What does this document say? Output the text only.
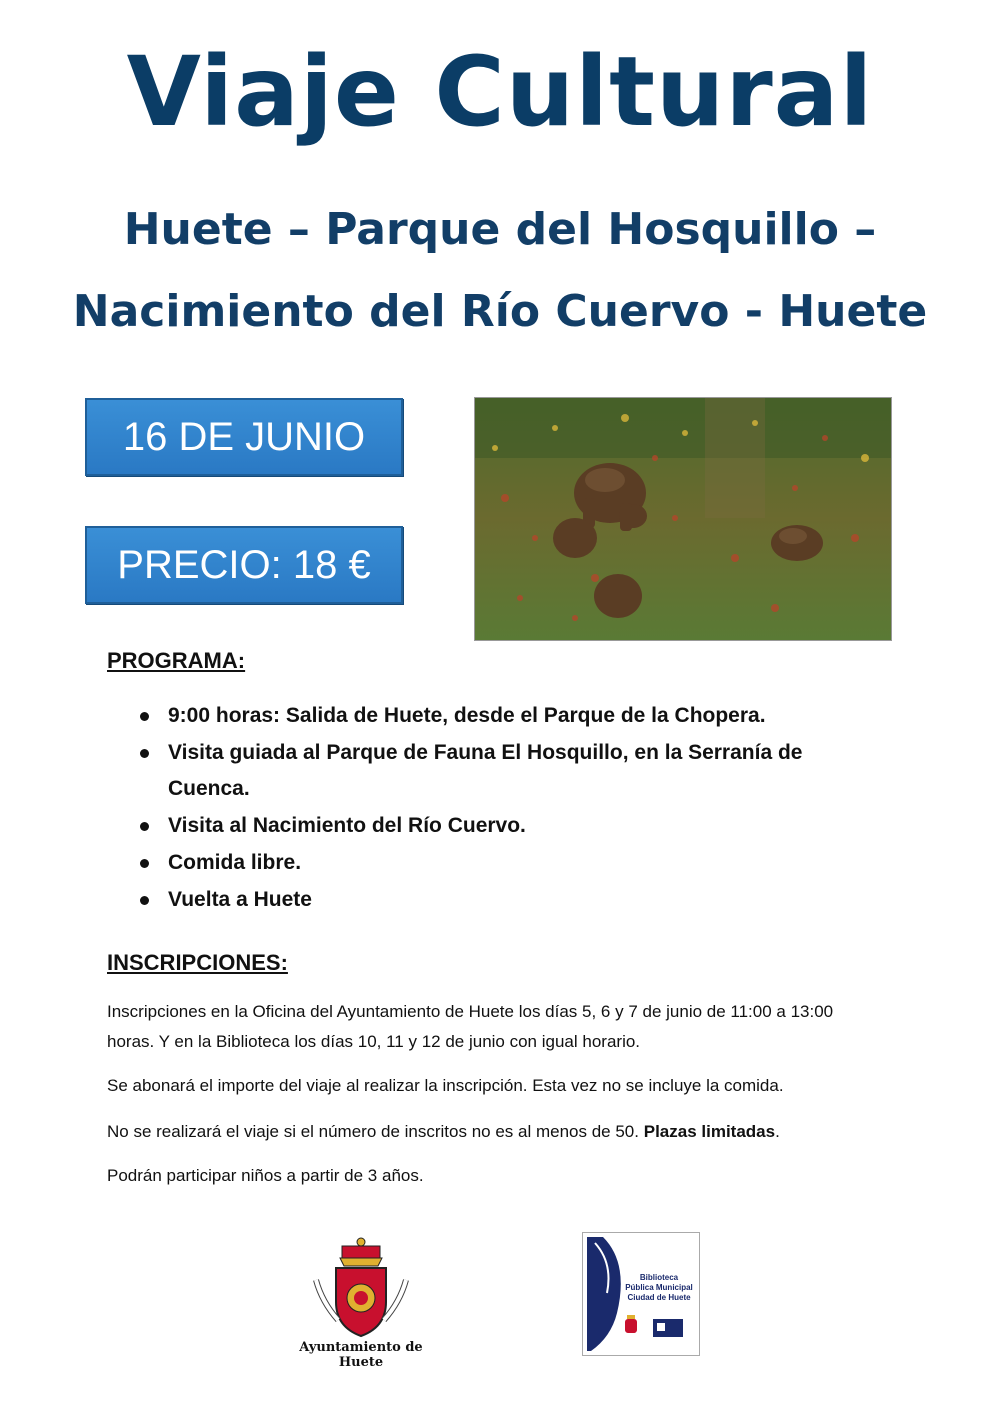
Viaje Cultural
Huete – Parque del Hosquillo –
Nacimiento del Río Cuervo - Huete
16 DE JUNIO
PRECIO: 18 €
PROGRAMA:
9:00 horas: Salida de Huete, desde el Parque de la Chopera.
Visita guiada al Parque de Fauna El Hosquillo, en la Serranía de Cuenca.
Visita al Nacimiento del Río Cuervo.
Comida libre.
Vuelta a Huete
INSCRIPCIONES:
Inscripciones en la Oficina del Ayuntamiento de Huete los días 5, 6 y 7 de junio de 11:00 a 13:00 horas. Y en la Biblioteca los días 10, 11 y 12 de junio con igual horario.
Se abonará el importe del viaje al realizar la inscripción. Esta vez no se incluye la comida.
No se realizará el viaje si el número de inscritos no es al menos de 50. Plazas limitadas.
Podrán participar niños a partir de 3 años.
Ayuntamiento de Huete
Biblioteca
Pública Municipal
Ciudad de Huete
